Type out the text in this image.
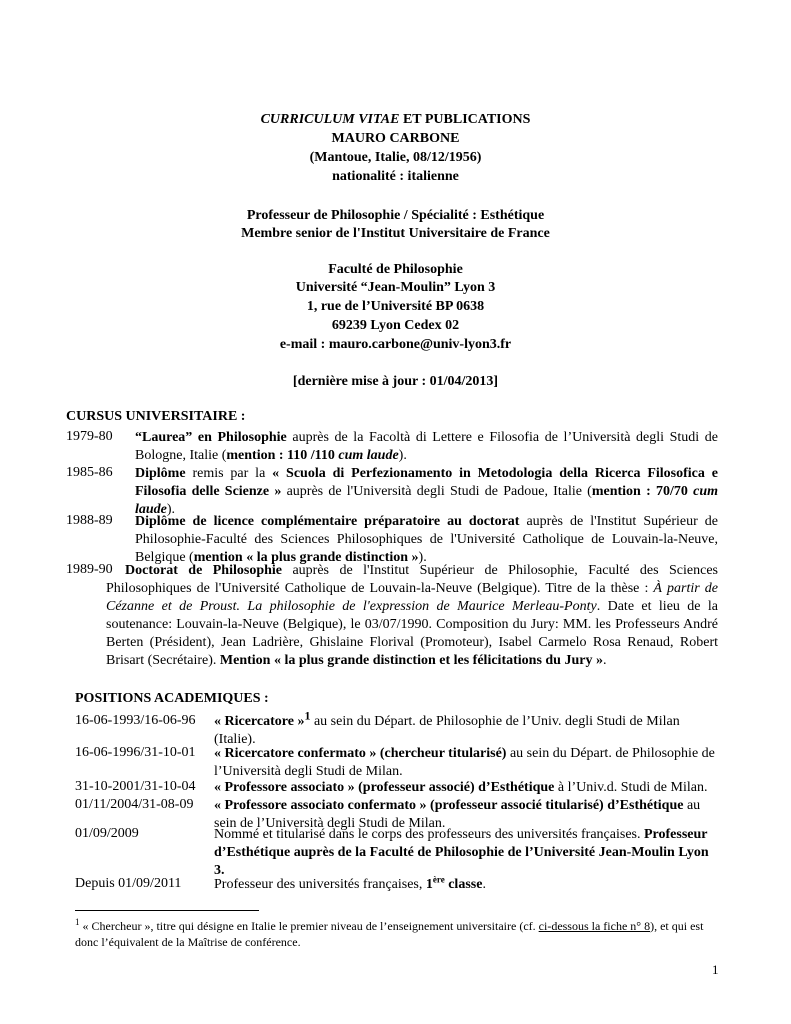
CURRICULUM VITAE ET PUBLICATIONS
MAURO CARBONE
(Mantoue, Italie, 08/12/1956)
nationalité : italienne
Professeur de Philosophie / Spécialité : Esthétique
Membre senior de l'Institut Universitaire de France
Faculté de Philosophie
Université “Jean-Moulin” Lyon 3
1, rue de l’Université BP 0638
69239 Lyon Cedex 02
e-mail : mauro.carbone@univ-lyon3.fr
[dernière mise à jour : 01/04/2013]
CURSUS UNIVERSITAIRE :
1979-80 “Laurea” en Philosophie auprès de la Facoltà di Lettere e Filosofia de l’Università degli Studi de Bologne, Italie (mention : 110 /110 cum laude).
1985-86 Diplôme remis par la « Scuola di Perfezionamento in Metodologia della Ricerca Filosofica e Filosofia delle Scienze » auprès de l'Università degli Studi de Padoue, Italie (mention : 70/70 cum laude).
1988-89 Diplôme de licence complémentaire préparatoire au doctorat auprès de l'Institut Supérieur de Philosophie-Faculté des Sciences Philosophiques de l'Université Catholique de Louvain-la-Neuve, Belgique (mention « la plus grande distinction »).
1989-90 Doctorat de Philosophie auprès de l'Institut Supérieur de Philosophie, Faculté des Sciences Philosophiques de l'Université Catholique de Louvain-la-Neuve (Belgique). Titre de la thèse : À partir de Cézanne et de Proust. La philosophie de l'expression de Maurice Merleau-Ponty. Date et lieu de la soutenance: Louvain-la-Neuve (Belgique), le 03/07/1990. Composition du Jury: MM. les Professeurs André Berten (Président), Jean Ladrière, Ghislaine Florival (Promoteur), Isabel Carmelo Rosa Renaud, Robert Brisart (Secrétaire). Mention « la plus grande distinction et les félicitations du Jury ».
POSITIONS ACADEMIQUES :
16-06-1993/16-06-96 « Ricercatore »$^1$ au sein du Départ. de Philosophie de l’Univ. degli Studi de Milan (Italie).
16-06-1996/31-10-01 « Ricercatore confermato » (chercheur titularisé) au sein du Départ. de Philosophie de l’Università degli Studi de Milan.
31-10-2001/31-10-04 « Professore associato » (professeur associé) d’Esthétique à l’Univ.d. Studi de Milan.
01/11/2004/31-08-09 « Professore associato confermato » (professeur associé titularisé) d’Esthétique au sein de l’Università degli Studi de Milan.
01/09/2009	Nommé et titularisé dans le corps des professeurs des universités françaises. Professeur d’Esthétique auprès de la Faculté de Philosophie de l’Université Jean-Moulin Lyon 3.
Depuis 01/09/2011 Professeur des universités françaises, 1ère classe.
$^1$ « Chercheur », titre qui désigne en Italie le premier niveau de l’enseignement universitaire (cf. ci-dessous la fiche n° 8), et qui est donc l’équivalent de la Maîtrise de conférence.
1
